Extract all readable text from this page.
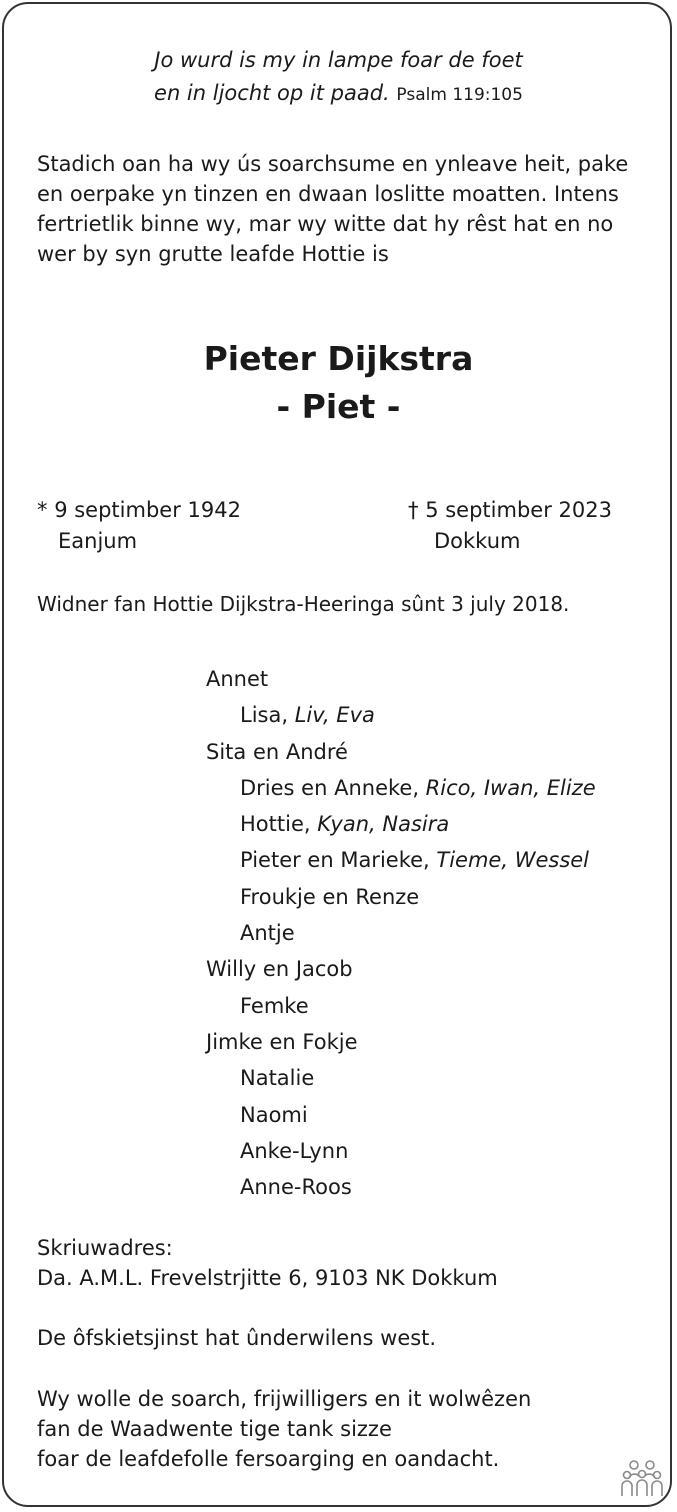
Jo wurd is my in lampe foar de foet
en in ljocht op it paad. Psalm 119:105
Stadich oan ha wy ús soarchsume en ynleave heit, pake
en oerpake yn tinzen en dwaan loslitte moatten. Intens
fertrietlik binne wy, mar wy witte dat hy rêst hat en no
wer by syn grutte leafde Hottie is
Pieter Dijkstra
- Piet -
* 9 septimber 1942
Eanjum
† 5 septimber 2023
Dokkum
Widner fan Hottie Dijkstra-Heeringa sûnt 3 july 2018.
Annet
Lisa, Liv, Eva
Sita en André
Dries en Anneke, Rico, Iwan, Elize
Hottie, Kyan, Nasira
Pieter en Marieke, Tieme, Wessel
Froukje en Renze
Antje
Willy en Jacob
Femke
Jimke en Fokje
Natalie
Naomi
Anke-Lynn
Anne-Roos
Skriuwadres:
Da. A.M.L. Frevelstrjitte 6, 9103 NK Dokkum
De ôfskietsjinst hat ûnderwilens west.
Wy wolle de soarch, frijwilligers en it wolwêzen
fan de Waadwente tige tank sizze
foar de leafdefolle fersoarging en oandacht.
